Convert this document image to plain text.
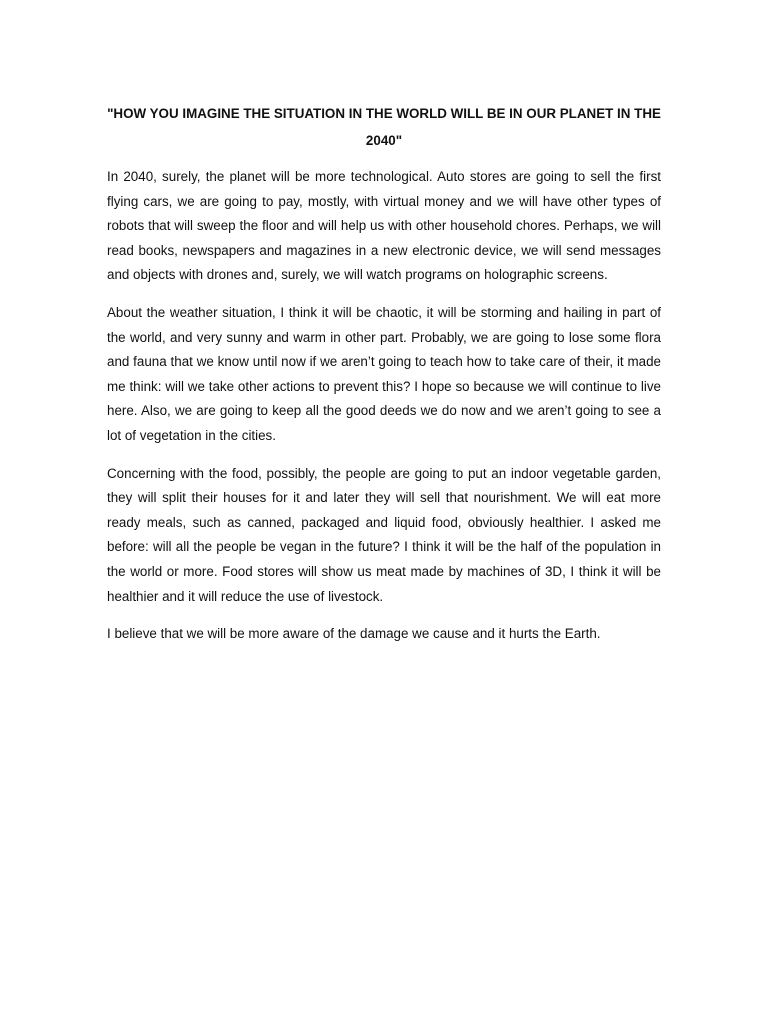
"HOW YOU IMAGINE THE SITUATION IN THE WORLD WILL BE IN OUR PLANET IN THE 2040"

In 2040, surely, the planet will be more technological. Auto stores are going to sell the first flying cars, we are going to pay, mostly, with virtual money and we will have other types of robots that will sweep the floor and will help us with other household chores. Perhaps, we will read books, newspapers and magazines in a new electronic device, we will send messages and objects with drones and, surely, we will watch programs on holographic screens.

About the weather situation, I think it will be chaotic, it will be storming and hailing in part of the world, and very sunny and warm in other part. Probably, we are going to lose some flora and fauna that we know until now if we aren’t going to teach how to take care of their, it made me think: will we take other actions to prevent this? I hope so because we will continue to live here. Also, we are going to keep all the good deeds we do now and we aren’t going to see a lot of vegetation in the cities.

Concerning with the food, possibly, the people are going to put an indoor vegetable garden, they will split their houses for it and later they will sell that nourishment. We will eat more ready meals, such as canned, packaged and liquid food, obviously healthier. I asked me before: will all the people be vegan in the future? I think it will be the half of the population in the world or more. Food stores will show us meat made by machines of 3D, I think it will be healthier and it will reduce the use of livestock.

I believe that we will be more aware of the damage we cause and it hurts the Earth.
